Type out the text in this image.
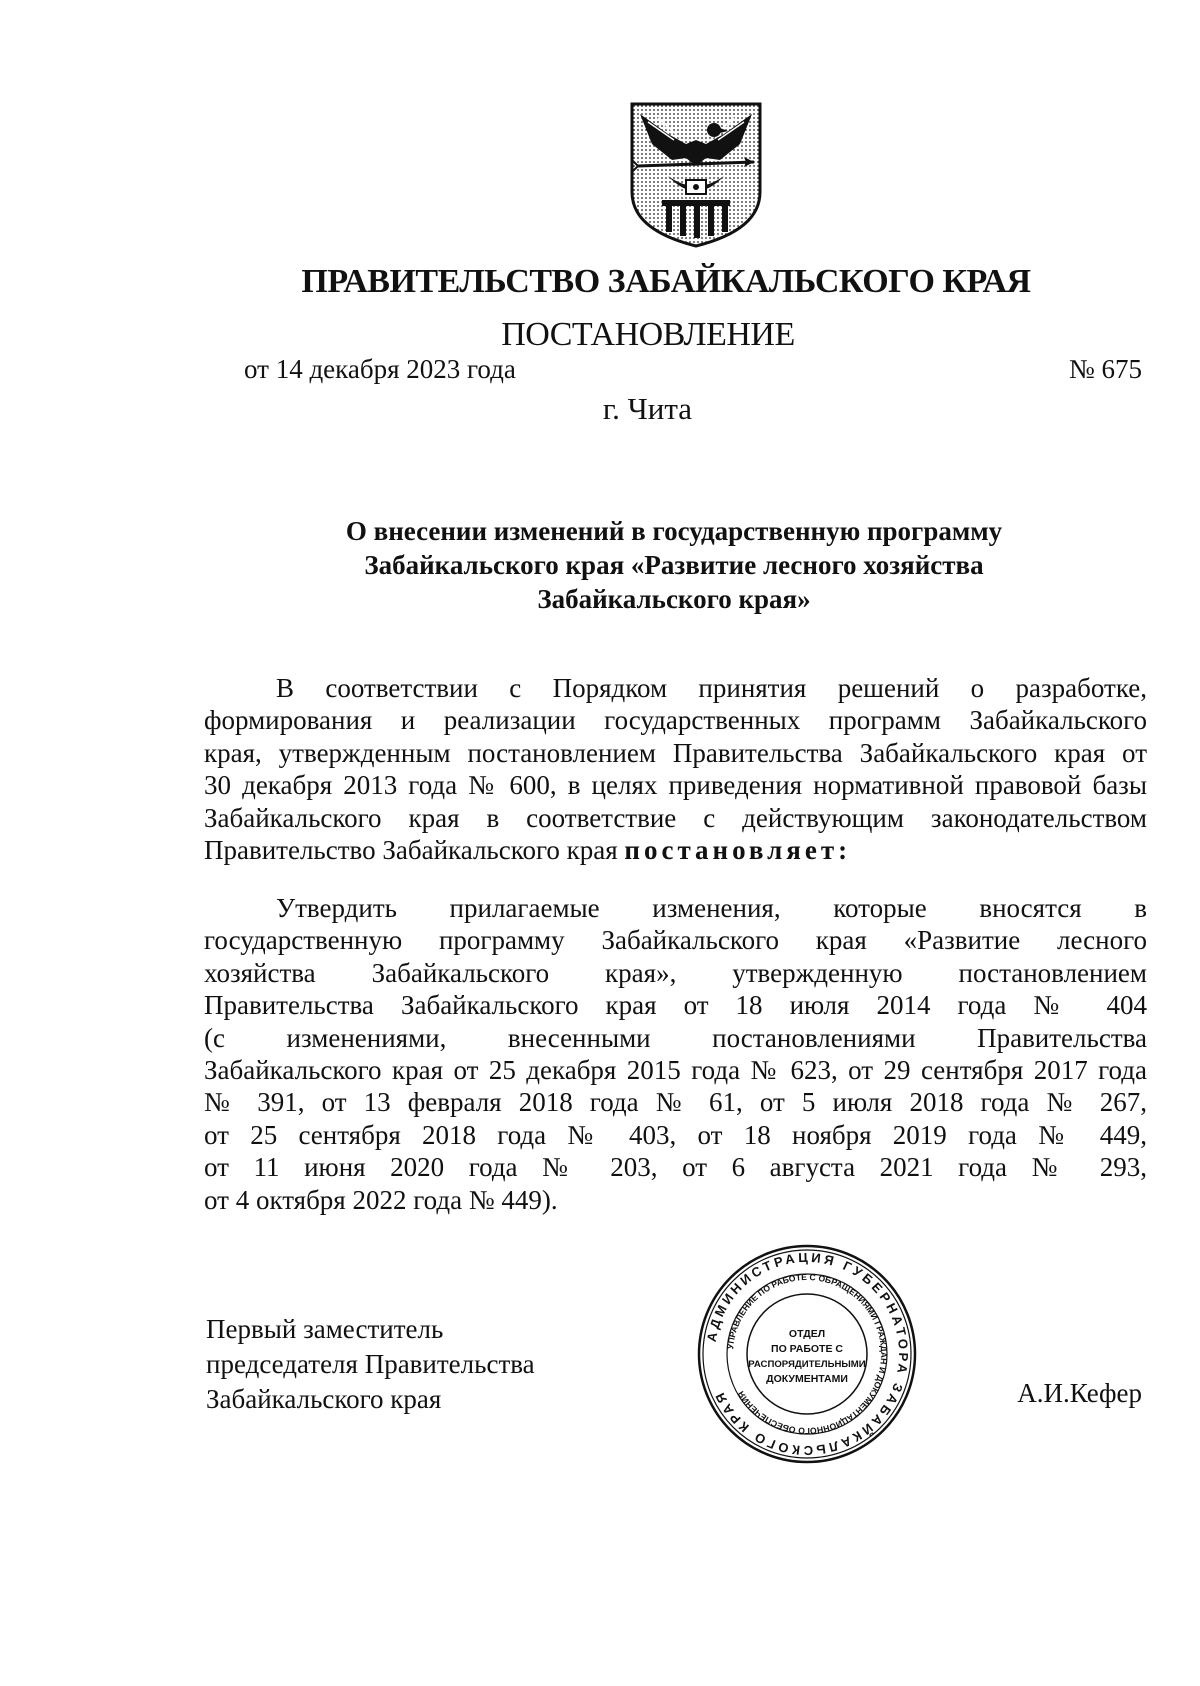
ПРАВИТЕЛЬСТВО ЗАБАЙКАЛЬСКОГО КРАЯ
ПОСТАНОВЛЕНИЕ
от 14 декабря 2023 года	№ 675
г. Чита
О внесении изменений в государственную программу
Забайкальского края «Развитие лесного хозяйства
Забайкальского края»
В соответствии с Порядком принятия решений о разработке,
формирования и реализации государственных программ Забайкальского
края, утвержденным постановлением Правительства Забайкальского края от
30 декабря 2013 года № 600, в целях приведения нормативной правовой базы
Забайкальского края в соответствие с действующим законодательством
Правительство Забайкальского края постановляет:
Утвердить прилагаемые изменения, которые вносятся в
государственную программу Забайкальского края «Развитие лесного
хозяйства Забайкальского края», утвержденную постановлением
Правительства Забайкальского края от 18 июля 2014 года № 404
(с изменениями, внесенными постановлениями Правительства
Забайкальского края от 25 декабря 2015 года № 623, от 29 сентября 2017 года
№ 391, от 13 февраля 2018 года № 61, от 5 июля 2018 года № 267,
от 25 сентября 2018 года № 403, от 18 ноября 2019 года № 449,
от 11 июня 2020 года № 203, от 6 августа 2021 года № 293,
от 4 октября 2022 года № 449).
Первый заместитель
председателя Правительства
Забайкальского края	А.И.Кефер
АДМИНИСТРАЦИЯ ГУБЕРНАТОРА ЗАБАЙКАЛЬСКОГО КРАЯ
УПРАВЛЕНИЕ ПО РАБОТЕ С ОБРАЩЕНИЯМИ ГРАЖДАН И ДОКУМЕНТАЦИОННОГО ОБЕСПЕЧЕНИЯ
ОТДЕЛ
ПО РАБОТЕ С
РАСПОРЯДИТЕЛЬНЫМИ
ДОКУМЕНТАМИ
